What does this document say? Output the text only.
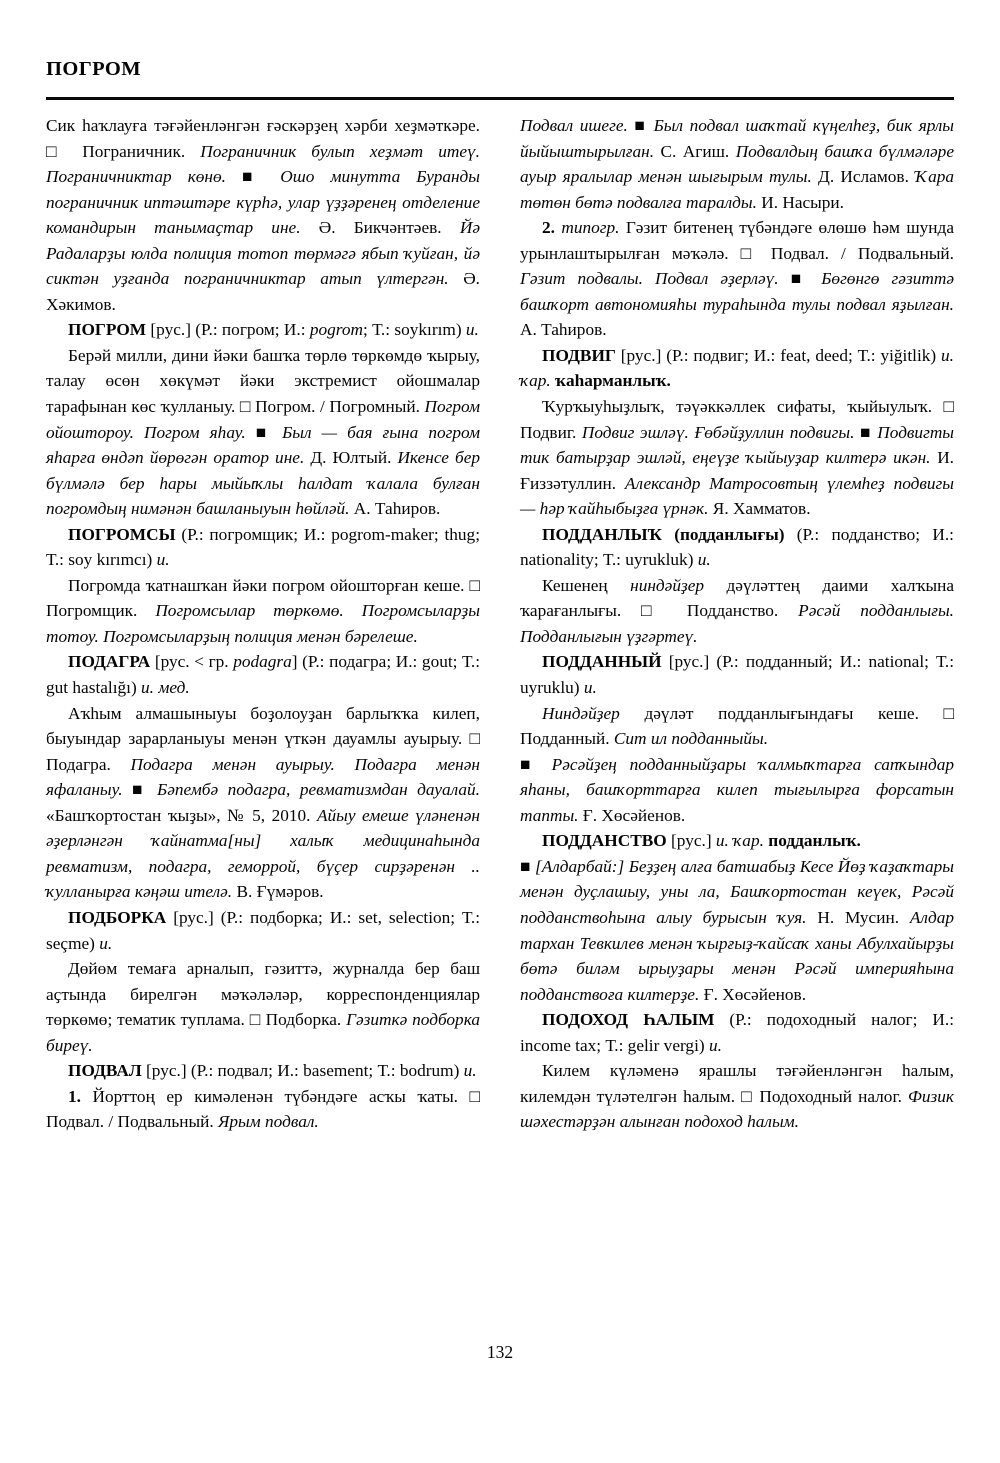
ПОГРОМ

Сик һаҡлауға тәғәйенләнгән ғәскәрҙең хәрби хеҙмәткәре. □ Пограничник. Пограничник булып хеҙмәт итеү. Пограничниктар көнө. ■ Ошо минутта Буранды пограничник иптәштәре күрһә, улар үҙҙәренең отделение командирын танымаҫтар ине. Ә. Бикчәнтәев. Йә Радаларҙы юлда полиция тотоп төрмәгә ябып ҡуйған, йә сиктән уҙғанда пограничниктар атып үлтергән. Ә. Хәкимов.

ПОГРОМ [рус.] (Р.: погром; И.: pogrom; Т.: soykırım) и.

Берәй милли, дини йәки башҡа төрлө төркөмдө ҡырыу, талау өсөн хөкүмәт йәки экстремист ойошмалар тарафынан көс ҡулланыу. □ Погром. / Погромный. Погром ойоштороу. Погром яһау. ■ Был — бая ғына погром яһарға өндәп йөрөгән оратор ине. Д. Юлтый. Икенсе бер бүлмәлә бер һары мыйыҡлы һалдат ҡалала булған погромдың нимәнән башланыуын һөйләй. А. Таһиров.

ПОГРОМСЫ (Р.: погромщик; И.: pogrom-maker; thug; Т.: soy kırımcı) и.

Погромда ҡатнашҡан йәки погром ойошторған кеше. □ Погромщик. Погромсылар төркөмө. Погромсыларҙы тотоу. Погромсыларҙың полиция менән бәрелеше.

ПОДАГРА [рус. < гр. podagra] (Р.: подагра; И.: gout; Т.: gut hastalığı) и. мед.

Аҡһым алмашыныуы боҙолоуҙан барлыҡҡа килеп, быуындар зарарланыуы менән үткән дауамлы ауырыу. □ Подагра. Подагра менән ауырыу. Подагра менән яфаланыу. ■ Бәпембә подагра, ревматизмдан дауалай. «Башҡортостан ҡыҙы», № 5, 2010. Айыу емеше үләненән әҙерләнгән ҡайнатма[ны] халыҡ медицинаһында ревматизм, подагра, геморрой, бүҫер сирҙәренән .. ҡулланырға кәңәш ителә. В. Ғүмәров.

ПОДБОРКА [рус.] (Р.: подборка; И.: set, selection; Т.: seçme) и.

Дөйөм темаға арналып, гәзиттә, журналда бер баш аҫтында бирелгән мәҡәләләр, корреспонденциялар төркөмө; тематик туплама. □ Подборка. Гәзиткә подборка биреү.

ПОДВАЛ [рус.] (Р.: подвал; И.: basement; Т.: bodrum) и.

1. Йорттоң ер кимәленән түбәндәге асҡы ҡаты. □ Подвал. / Подвальный. Ярым подвал.

Подвал ишеге. ■ Был подвал шаҡтай күңелһеҙ, бик ярлы йыйыштырылған. С. Агиш. Подвалдың башҡа бүлмәләре ауыр яралылар менән шығырым тулы. Д. Исламов. Ҡара төтөн бөтә подвалға таралды. И. Насыри.

2. типогр. Гәзит битенең түбәндәге өлөшө һәм шунда урынлаштырылған мәҡәлә. □ Подвал. / Подвальный. Гәзит подвалы. Подвал әҙерләү. ■ Бөгөнгө гәзиттә башҡорт автономияһы тураһында тулы подвал яҙылған. А. Таһиров.

ПОДВИГ [рус.] (Р.: подвиг; И.: feat, deed; Т.: yiğitlik) и. ҡар. ҡаһарманлыҡ.

Ҡурҡыуһыҙлыҡ, тәүәккәллек сифаты, ҡыйыулыҡ. □ Подвиг. Подвиг эшләү. Ғөбәйҙуллин подвигы. ■ Подвигты тик батырҙар эшләй, еңеүҙе ҡыйыуҙар килтерә икән. И. Ғиззәтуллин. Александр Матросовтың үлемһеҙ подвигы — һәр ҡайһыбыҙға үрнәк. Я. Хамматов.

ПОДДАНЛЫҠ (подданлығы) (Р.: подданство; И.: nationality; Т.: uyrukluk) и.

Кешенең ниндәйҙер дәүләттең даими халҡына ҡарағанлығы. □ Подданство. Рәсәй подданлығы. Подданлығын үҙгәртеү.

ПОДДАННЫЙ [рус.] (Р.: подданный; И.: national; Т.: uyruklu) и.

Ниндәйҙер дәүләт подданлығындағы кеше. □ Подданный. Сит ил подданныйы.

■ Рәсәйҙең подданныйҙары ҡалмыҡтарға сапҡындар яһаны, башҡорттарға килеп тығылырға форсатын тапты. Ғ. Хөсәйенов.

ПОДДАНСТВО [рус.] и. ҡар. подданлыҡ.

■ [Алдарбай:] Беҙҙең алға батшабыҙ Кесе Йөҙ ҡаҙаҡтары менән дуҫлашыу, уны ла, Башҡортостан кеүек, Рәсәй подданствоһына алыу бурысын ҡуя. Н. Мусин. Алдар тархан Тевкилев менән ҡырғыҙ-ҡайсаҡ ханы Абулхайырҙы бөтә биләм ырыуҙары менән Рәсәй империяһына подданствоға килтерҙе. Ғ. Хөсәйенов.

ПОДОХОД ҺАЛЫМ (Р.: подоходный налог; И.: income tax; Т.: gelir vergi) и.

Килем күләменә ярашлы тәғәйенләнгән һалым, килемдән түләтелгән һалым. □ Подоходный налог. Физик шәхестәрҙән алынған подоход һалым.

132
